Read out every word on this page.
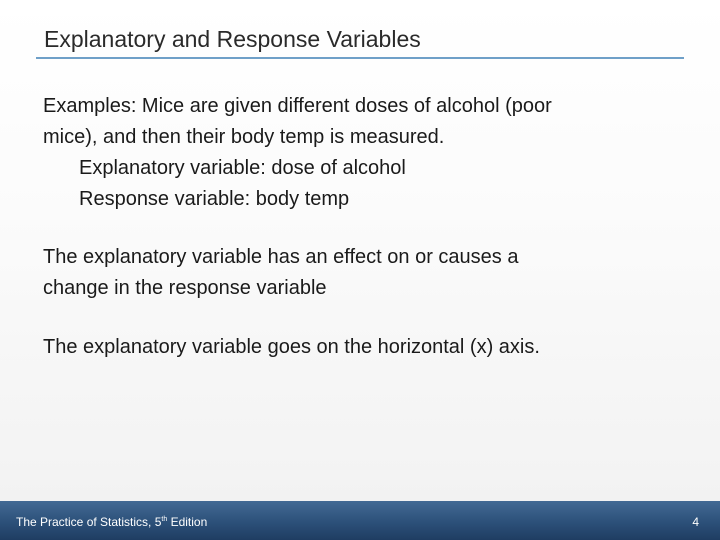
Explanatory and Response Variables

Examples: Mice are given different doses of alcohol (poor

mice), and then their body temp is measured.

Explanatory variable: dose of alcohol

Response variable: body temp

The explanatory variable has an effect on or causes a

change in the response variable

The explanatory variable goes on the horizontal (x) axis.

The Practice of Statistics, 5th Edition	4
